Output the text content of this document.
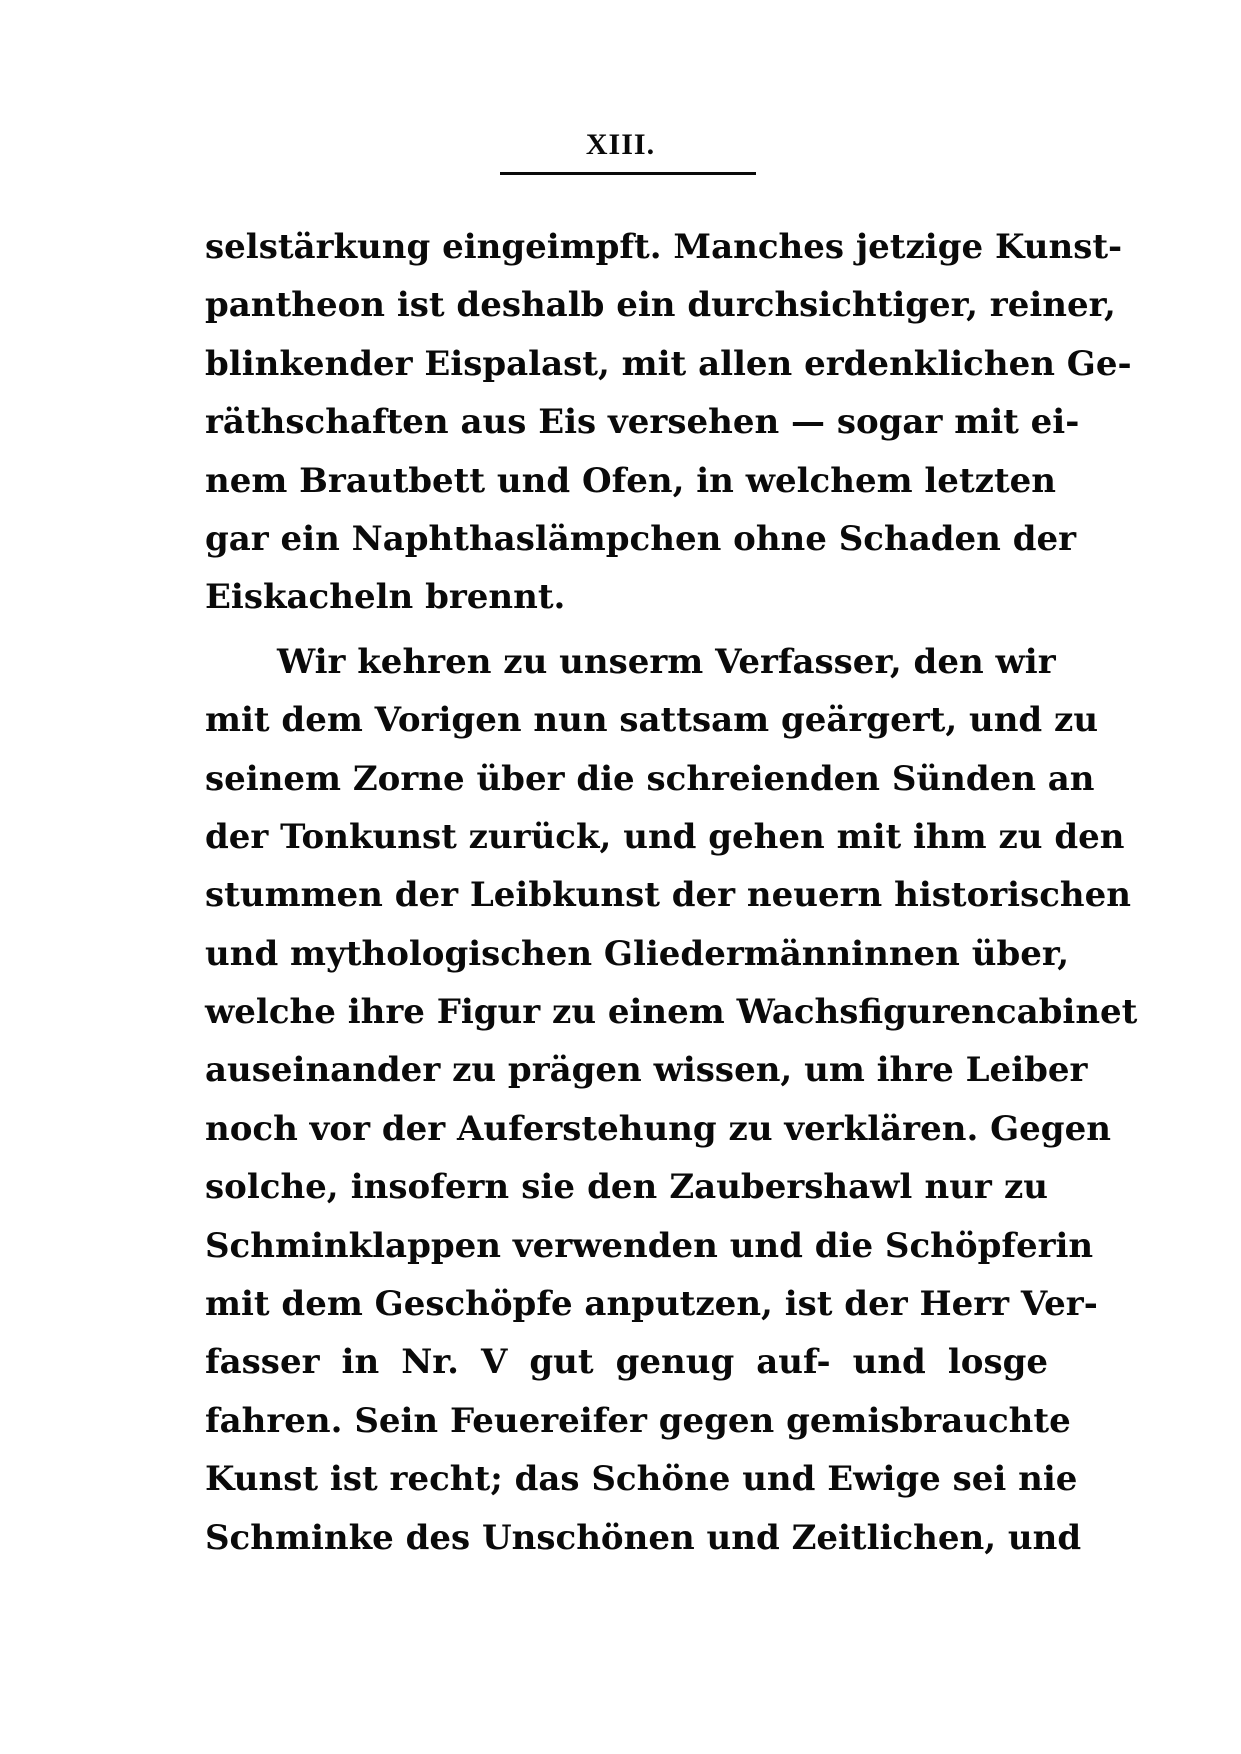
XIII.
selstärkung eingeimpft. Manches jetzige Kunst-
pantheon ist deshalb ein durchsichtiger, reiner,
blinkender Eispalast, mit allen erdenklichen Ge-
räthschaften aus Eis versehen — sogar mit ei-
nem Brautbett und Ofen, in welchem letzten
gar ein Naphthaslämpchen ohne Schaden der
Eiskacheln brennt.
Wir kehren zu unserm Verfasser, den wir
mit dem Vorigen nun sattsam geärgert, und zu
seinem Zorne über die schreienden Sünden an
der Tonkunst zurück, und gehen mit ihm zu den
stummen der Leibkunst der neuern historischen
und mythologischen Gliedermänninnen über,
welche ihre Figur zu einem Wachsfigurencabinet
auseinander zu prägen wissen, um ihre Leiber
noch vor der Auferstehung zu verklären. Gegen
solche, insofern sie den Zaubershawl nur zu
Schminklappen verwenden und die Schöpferin
mit dem Geschöpfe anputzen, ist der Herr Ver-
fasser in Nr. V gut genug auf- und losge
fahren. Sein Feuereifer gegen gemisbrauchte
Kunst ist recht; das Schöne und Ewige sei nie
Schminke des Unschönen und Zeitlichen, und
